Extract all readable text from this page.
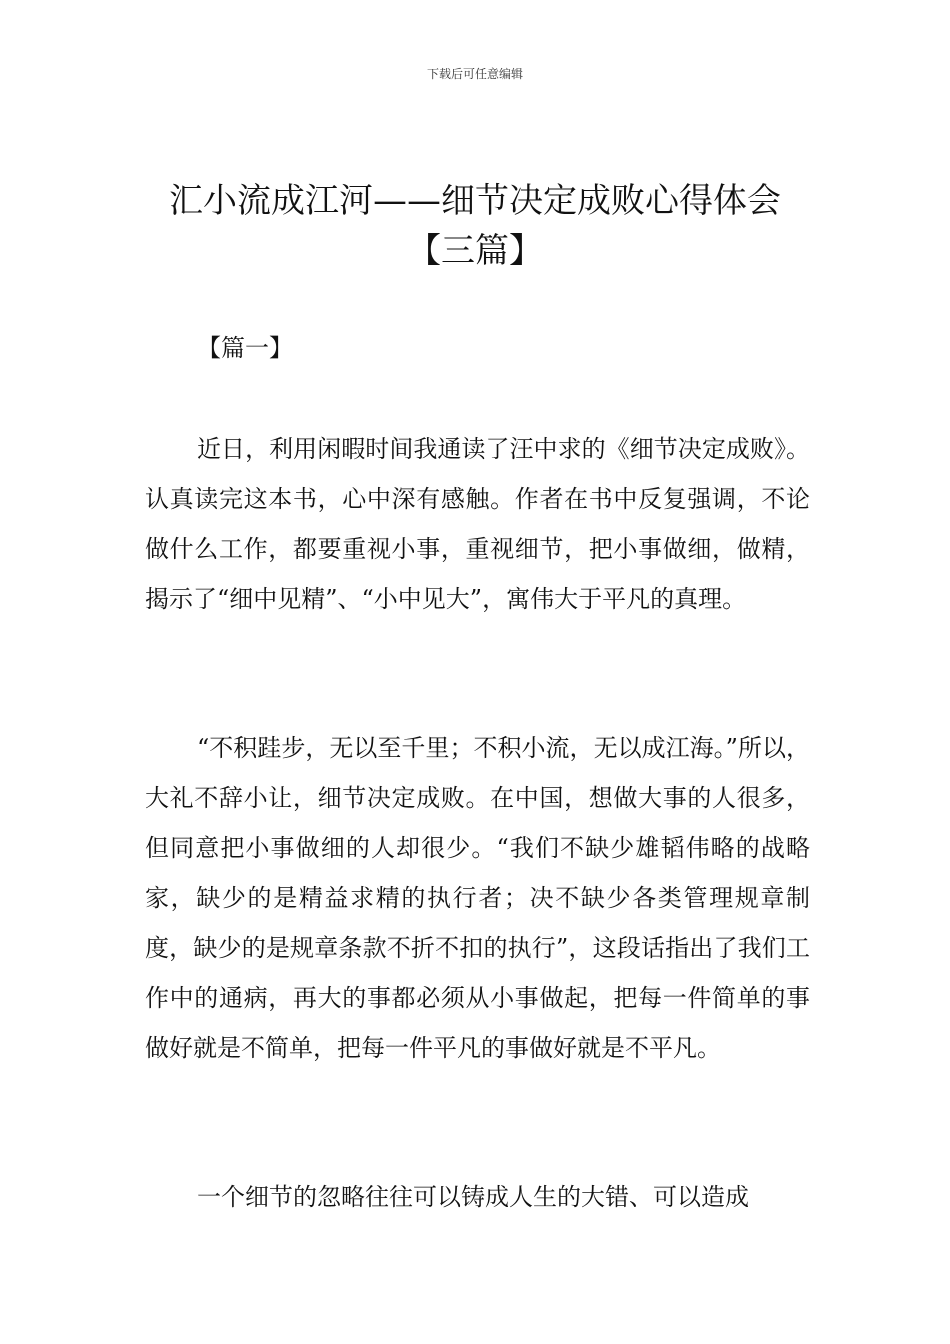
下载后可任意编辑
汇小流成江河——细节决定成败心得体会
【三篇】

【篇一】

近日，利用闲暇时间我通读了汪中求的《细节决定成败》。认真读完这本书，心中深有感触。作者在书中反复强调，不论做什么工作，都要重视小事，重视细节，把小事做细，做精，揭示了“细中见精”、“小中见大”，寓伟大于平凡的真理。

“不积跬步，无以至千里；不积小流，无以成江海。”所以，大礼不辞小让，细节决定成败。在中国，想做大事的人很多，但同意把小事做细的人却很少。“我们不缺少雄韬伟略的战略家，缺少的是精益求精的执行者；决不缺少各类管理规章制度，缺少的是规章条款不折不扣的执行”，这段话指出了我们工作中的通病，再大的事都必须从小事做起，把每一件简单的事做好就是不简单，把每一件平凡的事做好就是不平凡。

一个细节的忽略往往可以铸成人生的大错、可以造成
